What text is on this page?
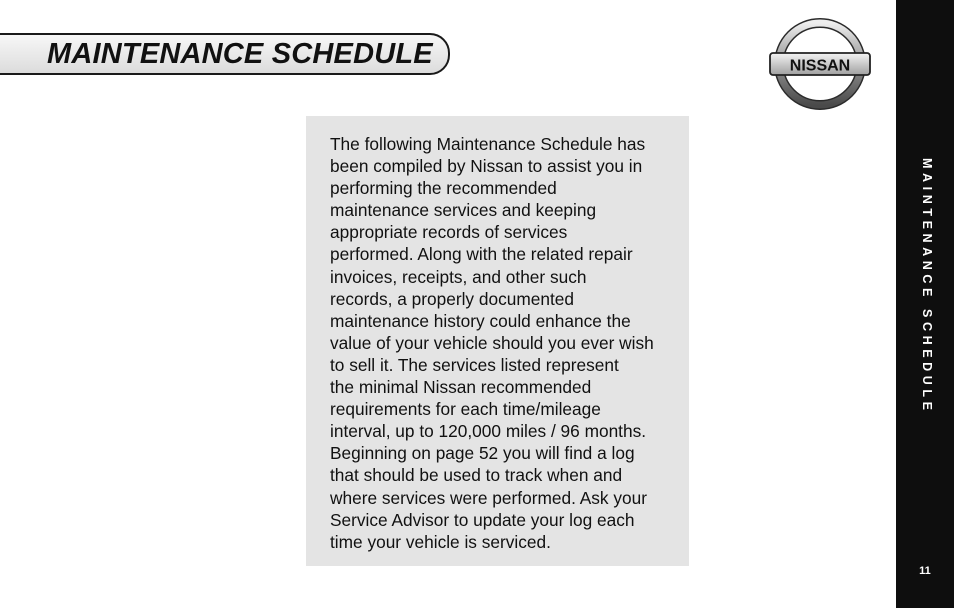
MAINTENANCE SCHEDULE	NISSAN
The following Maintenance Schedule has
been compiled by Nissan to assist you in
performing the recommended
maintenance services and keeping
appropriate records of services
performed. Along with the related repair
invoices, receipts, and other such
records, a properly documented
maintenance history could enhance the
value of your vehicle should you ever wish
to sell it. The services listed represent
the minimal Nissan recommended
requirements for each time/mileage
interval, up to 120,000 miles / 96 months.
Beginning on page 52 you will find a log
that should be used to track when and
where services were performed. Ask your
Service Advisor to update your log each
time your vehicle is serviced.
MAINTENANCE SCHEDULE
11
